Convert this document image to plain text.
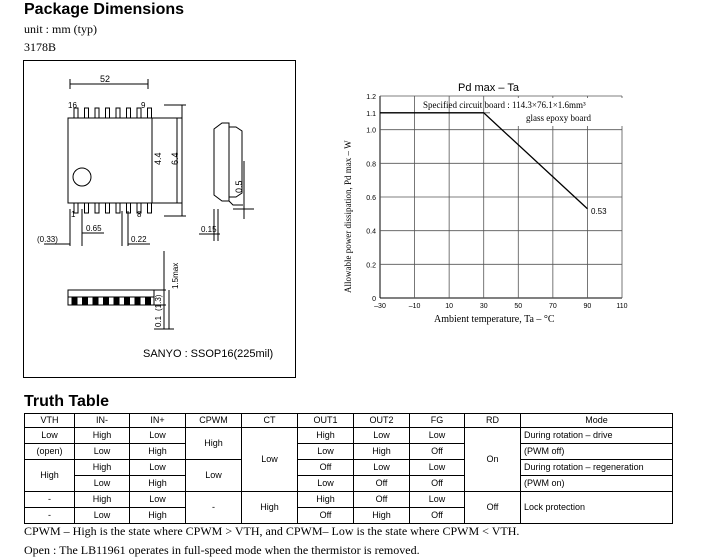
Package Dimensions
unit : mm (typ)
3178B
52
16	9
1	8
4.4 6.4
0.5
0.65
0.22
(0.33)
0.15
1.5max
(1.3)
0.1
SANYO : SSOP16(225mil)
Pd max – Ta
–30	–10	10	30	50	70	90	110
0
0.2
0.4
0.6
0.8
1.0
1.1
1.2
Specified circuit board : 114.3×76.1×1.6mm³
glass epoxy board
0.53
Ambient temperature, Ta – °C
Allowable power dissipation, Pd max – W
Truth Table
VTH	IN-	IN+	CPWM	CT	OUT1	OUT2	FG	RD	Mode
Low	High	Low	High	Low	High	Low	Low	On	During rotation – drive
(open)	Low	High			Low	High	Off		(PWM off)
High	High	Low	Low		Off	Low	Low		During rotation – regeneration
	Low	High			Low	Off	Off		(PWM on)
-	High	Low	-	High	High	Off	Low	Off	Lock protection
-	Low	High			Off	High	Off		
CPWM – High is the state where CPWM > VTH, and CPWM– Low is the state where CPWM < VTH.
Open : The LB11961 operates in full-speed mode when the thermistor is removed.
